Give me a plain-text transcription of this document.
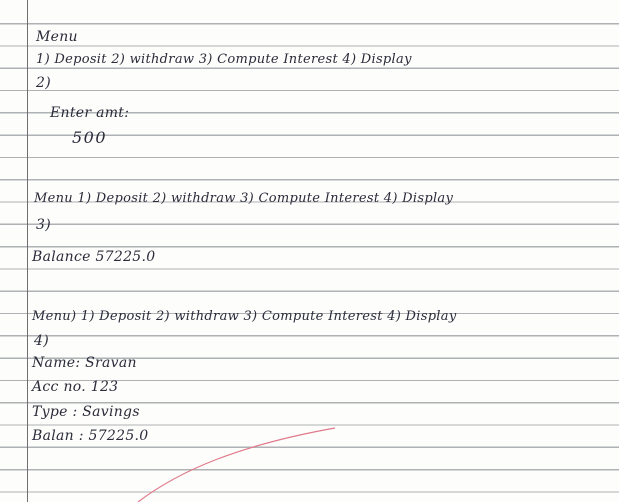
Menu
1) Deposit 2) withdraw 3) Compute Interest 4) Display
2)
Enter amt:
500
Menu 1) Deposit 2) withdraw 3) Compute Interest 4) Display
3)
Balance 57225.0
Menu) 1) Deposit 2) withdraw 3) Compute Interest 4) Display
4)
Name: Sravan
Acc no. 123
Type : Savings
Balan : 57225.0
